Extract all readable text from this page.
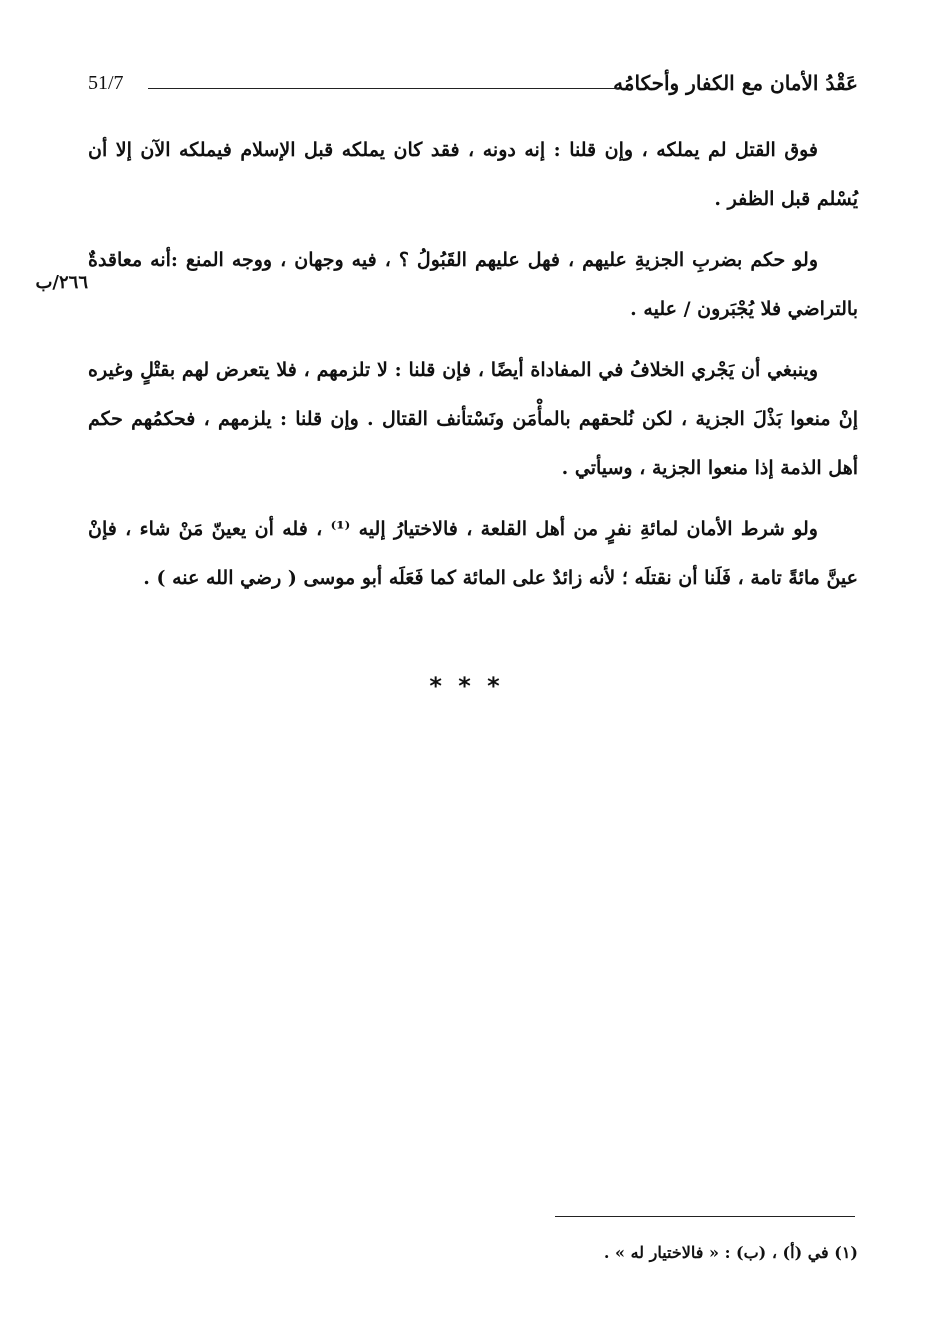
عَقْدُ الأمان مع الكفار وأحكامُه
51/7
٢٦٦/ب

فوق القتل لم يملكه ، وإن قلنا : إنه دونه ، فقد كان يملكه قبل الإسلام فيملكه الآن إلا أن يُسْلم قبل الظفر .

ولو حكم بضربِ الجزيةِ عليهم ، فهل عليهم القَبُولُ ؟ ، فيه وجهان ، ووجه المنع :أنه معاقدةٌ بالتراضي فلا يُجْبَرون / عليه .

وينبغي أن يَجْري الخلافُ في المفاداة أيضًا ، فإن قلنا : لا تلزمهم ، فلا يتعرض لهم بقتْلٍ وغيره إنْ منعوا بَذْلَ الجزية ، لكن نُلحقهم بالمأْمَن ونَسْتأنف القتال . وإن قلنا : يلزمهم ، فحكمُهم حكم أهل الذمة إذا منعوا الجزية ، وسيأتي .

ولو شرط الأمان لمائةِ نفرٍ من أهل القلعة ، فالاختيارُ إليه ⁽¹⁾ ، فله أن يعينّ مَنْ شاء ، فإنْ عينَّ مائةً تامة ، فَلَنا أن نقتلَه ؛ لأنه زائدٌ على المائة كما فَعَلَه أبو موسى ( رضي الله عنه ) .

* * *
(١) في (أ) ، (ب) : « فالاختيار له » .
